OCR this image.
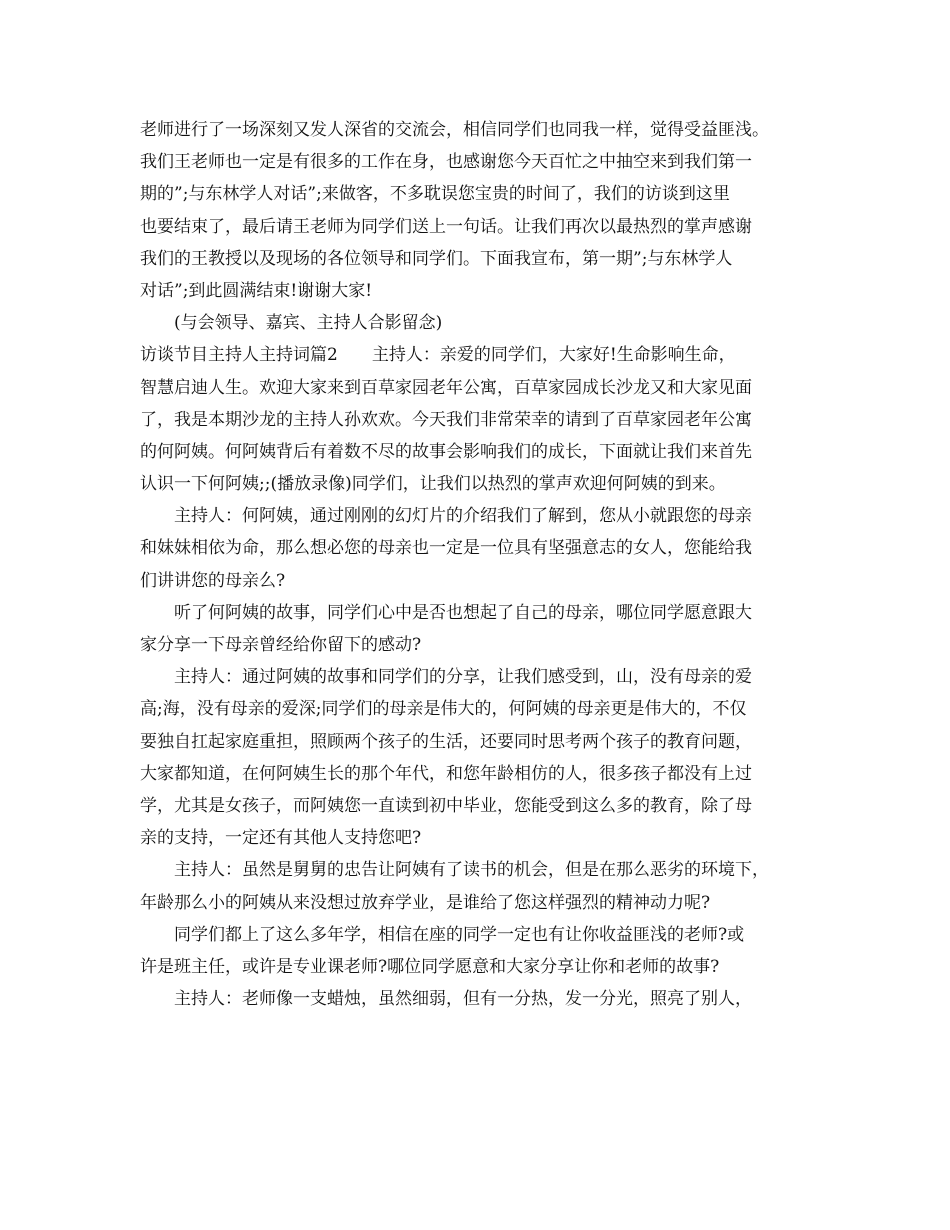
老师进行了一场深刻又发人深省的交流会，相信同学们也同我一样，觉得受益匪浅。
我们王老师也一定是有很多的工作在身，也感谢您今天百忙之中抽空来到我们第一
期的”;与东林学人对话”;来做客，不多耽误您宝贵的时间了，我们的访谈到这里
也要结束了，最后请王老师为同学们送上一句话。让我们再次以最热烈的掌声感谢
我们的王教授以及现场的各位领导和同学们。下面我宣布，第一期”;与东林学人
对话”;到此圆满结束!谢谢大家!
(与会领导、嘉宾、主持人合影留念)
访谈节目主持人主持词篇2　　主持人：亲爱的同学们，大家好!生命影响生命，
智慧启迪人生。欢迎大家来到百草家园老年公寓，百草家园成长沙龙又和大家见面
了，我是本期沙龙的主持人孙欢欢。今天我们非常荣幸的请到了百草家园老年公寓
的何阿姨。何阿姨背后有着数不尽的故事会影响我们的成长，下面就让我们来首先
认识一下何阿姨;;(播放录像)同学们，让我们以热烈的掌声欢迎何阿姨的到来。
主持人：何阿姨，通过刚刚的幻灯片的介绍我们了解到，您从小就跟您的母亲
和妹妹相依为命，那么想必您的母亲也一定是一位具有坚强意志的女人，您能给我
们讲讲您的母亲么?
听了何阿姨的故事，同学们心中是否也想起了自己的母亲，哪位同学愿意跟大
家分享一下母亲曾经给你留下的感动?
主持人：通过阿姨的故事和同学们的分享，让我们感受到，山，没有母亲的爱
高;海，没有母亲的爱深;同学们的母亲是伟大的，何阿姨的母亲更是伟大的，不仅
要独自扛起家庭重担，照顾两个孩子的生活，还要同时思考两个孩子的教育问题，
大家都知道，在何阿姨生长的那个年代，和您年龄相仿的人，很多孩子都没有上过
学，尤其是女孩子，而阿姨您一直读到初中毕业，您能受到这么多的教育，除了母
亲的支持，一定还有其他人支持您吧?
主持人：虽然是舅舅的忠告让阿姨有了读书的机会，但是在那么恶劣的环境下，
年龄那么小的阿姨从来没想过放弃学业，是谁给了您这样强烈的精神动力呢?
同学们都上了这么多年学，相信在座的同学一定也有让你收益匪浅的老师?或
许是班主任，或许是专业课老师?哪位同学愿意和大家分享让你和老师的故事?
主持人：老师像一支蜡烛，虽然细弱，但有一分热，发一分光，照亮了别人，
